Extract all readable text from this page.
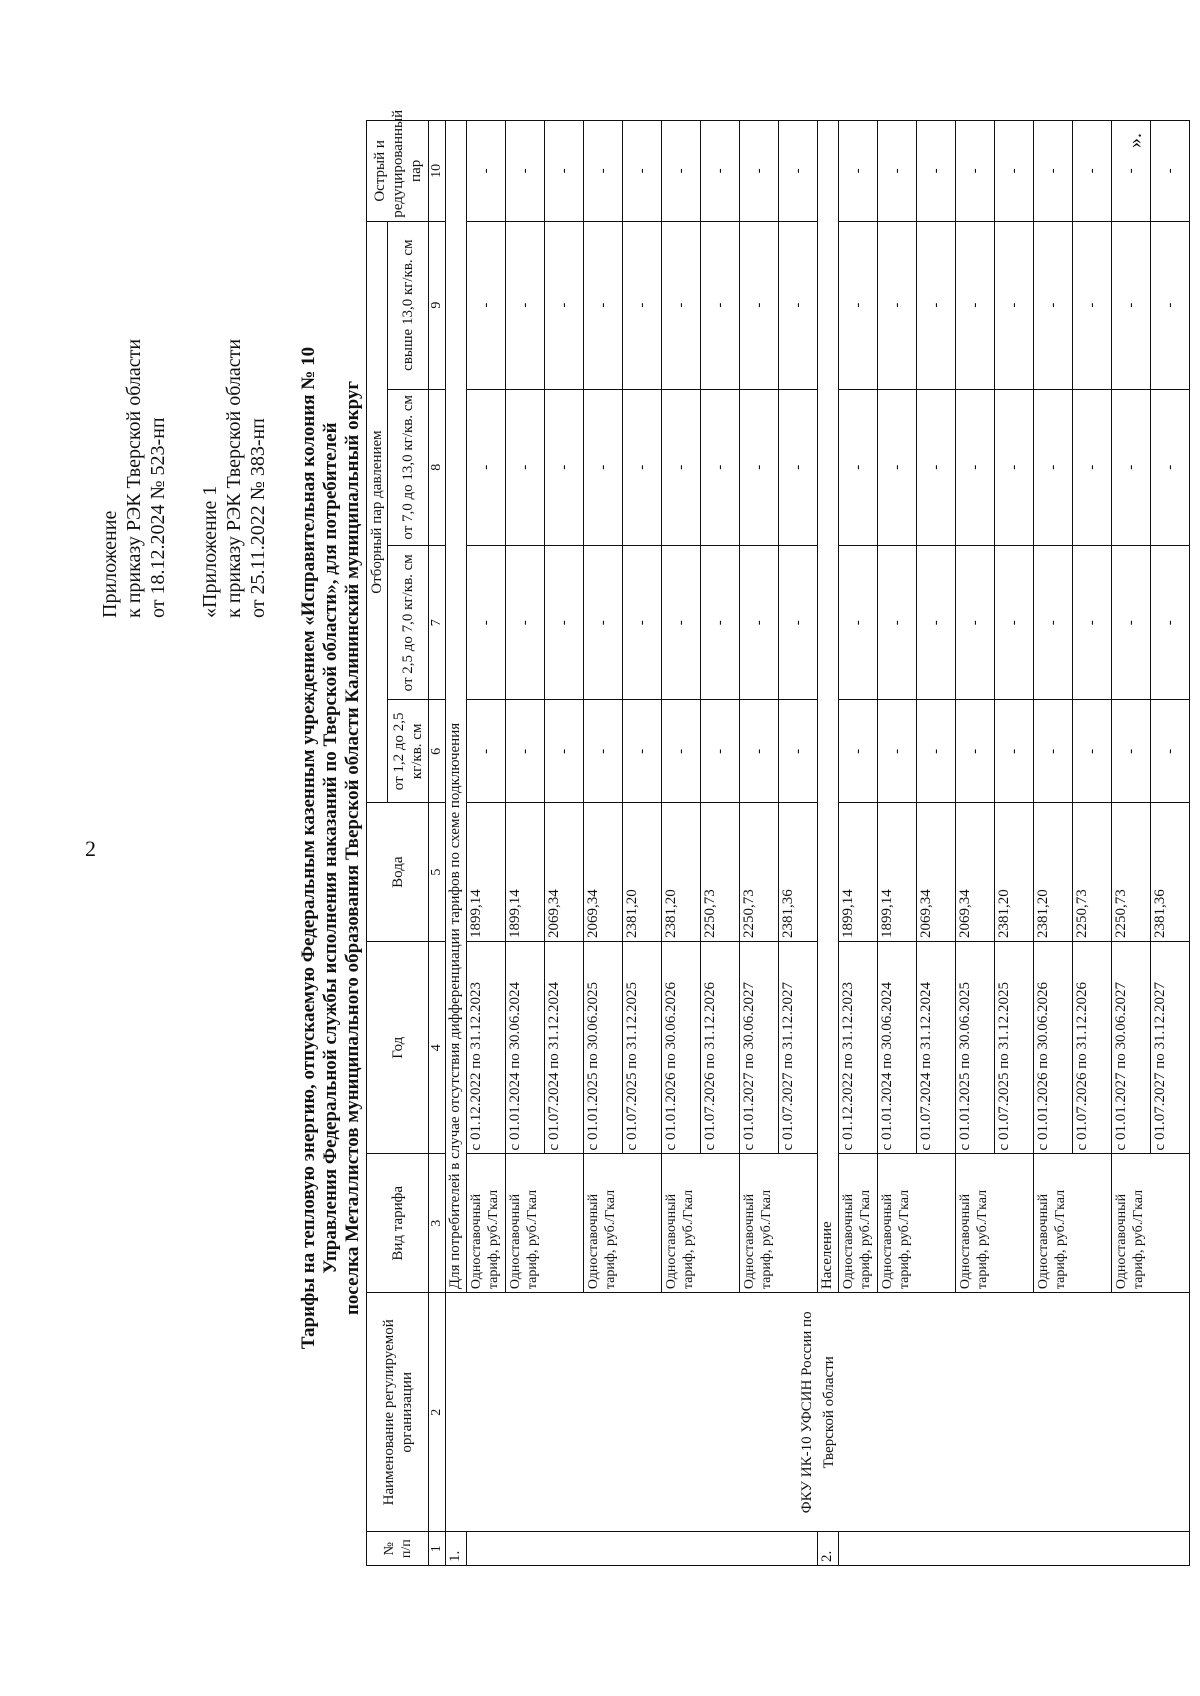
2
Приложение к приказу РЭК Тверской области от 18.12.2024 № 523-нп «Приложение 1 к приказу РЭК Тверской области от 25.11.2022 № 383-нп Тарифы на тепловую энергию, отпускаемую Федеральным казенным учреждением «Исправительная колония № 10 Управления Федеральной службы исполнения наказаний по Тверской области», для потребителей поселка Металлистов муниципального образования Тверской области Калининский муниципальный округ
№ п/п	Наименование регулируемой организации	Вид тарифа	Год	Вода	Отборный пар давлением				Острый и редуцированный пар
					от 1,2 до 2,5 кг/кв. см	от 2,5 до 7,0 кг/кв. см	от 7,0 до 13,0 кг/кв. см	свыше 13,0 кг/кв. см	
1	2	3	4	5	6	7	8	9	10
1.	ФКУ ИК-10 УФСИН России по Тверской области	Для потребителей в случае отсутствия дифференциации тарифов по схеме подключения							
		Одноставочный тариф, руб./Гкал	с 01.12.2022 по 31.12.2023	1899,14	-	-	-	-	-
		Одноставочный тариф, руб./Гкал	с 01.01.2024 по 30.06.2024	1899,14	-	-	-	-	-
			с 01.07.2024 по 31.12.2024	2069,34	-	-	-	-	-
		Одноставочный тариф, руб./Гкал	с 01.01.2025 по 30.06.2025	2069,34	-	-	-	-	-
			с 01.07.2025 по 31.12.2025	2381,20	-	-	-	-	-
		Одноставочный тариф, руб./Гкал	с 01.01.2026 по 30.06.2026	2381,20	-	-	-	-	-
			с 01.07.2026 по 31.12.2026	2250,73	-	-	-	-	-
		Одноставочный тариф, руб./Гкал	с 01.01.2027 по 30.06.2027	2250,73	-	-	-	-	-
			с 01.07.2027 по 31.12.2027	2381,36	-	-	-	-	-
2.		Население							
		Одноставочный тариф, руб./Гкал	с 01.12.2022 по 31.12.2023	1899,14	-	-	-	-	-
		Одноставочный тариф, руб./Гкал	с 01.01.2024 по 30.06.2024	1899,14	-	-	-	-	-
			с 01.07.2024 по 31.12.2024	2069,34	-	-	-	-	-
		Одноставочный тариф, руб./Гкал	с 01.01.2025 по 30.06.2025	2069,34	-	-	-	-	-
			с 01.07.2025 по 31.12.2025	2381,20	-	-	-	-	-
		Одноставочный тариф, руб./Гкал	с 01.01.2026 по 30.06.2026	2381,20	-	-	-	-	-
			с 01.07.2026 по 31.12.2026	2250,73	-	-	-	-	-
		Одноставочный тариф, руб./Гкал	с 01.01.2027 по 30.06.2027	2250,73	-	-	-	-	-
			с 01.07.2027 по 31.12.2027	2381,36	-	-	-	-	-
».
